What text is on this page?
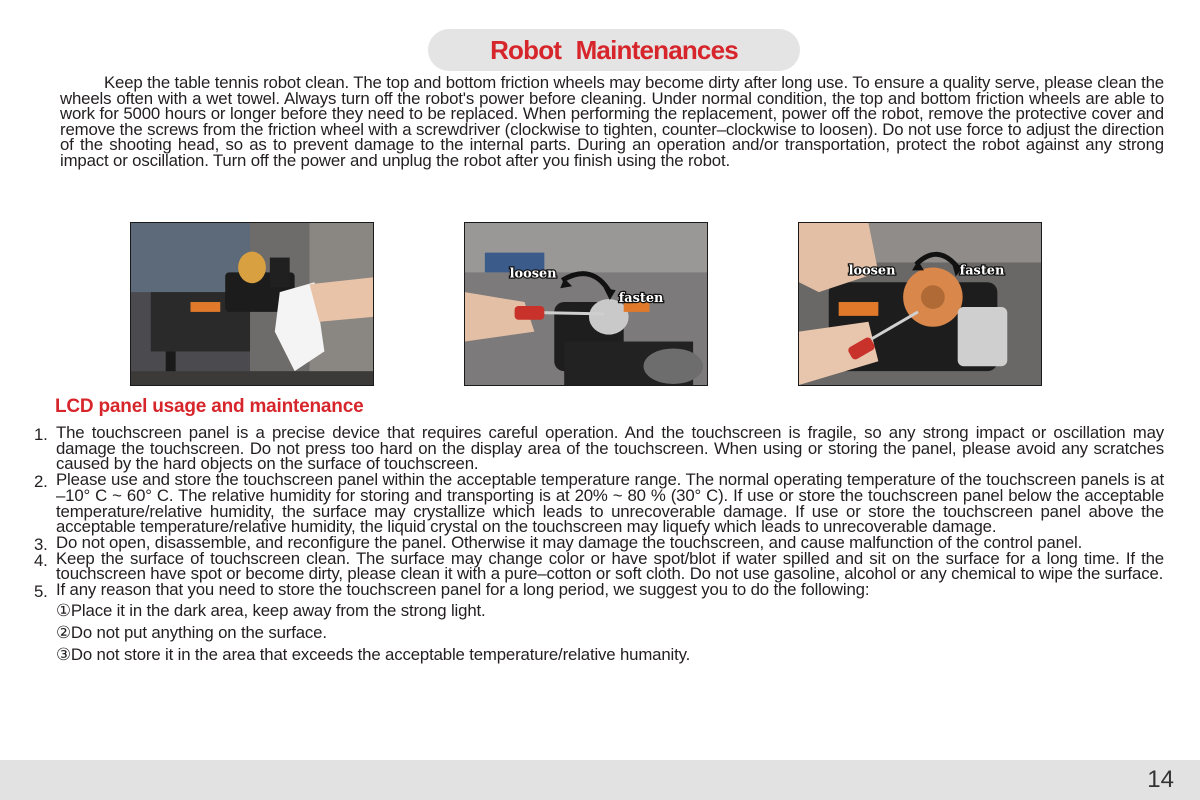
Robot Maintenances

Keep the table tennis robot clean. The top and bottom friction wheels may become dirty after long use. To ensure a quality serve, please clean the wheels often with a wet towel. Always turn off the robot's power before cleaning. Under normal condition, the top and bottom friction wheels are able to work for 5000 hours or longer before they need to be replaced. When performing the replacement, power off the robot, remove the protective cover and remove the screws from the friction wheel with a screwdriver (clockwise to tighten, counter–clockwise to loosen). Do not use force to adjust the direction of the shooting head, so as to prevent damage to the internal parts. During an operation and/or transportation, protect the robot against any strong impact or oscillation. Turn off the power and unplug the robot after you finish using the robot.

loosen
fasten
loosen	fasten
LCD panel usage and maintenance
1. The touchscreen panel is a precise device that requires careful operation. And the touchscreen is fragile, so any strong impact or oscillation may damage the touchscreen. Do not press too hard on the display area of the touchscreen. When using or storing the panel, please avoid any scratches caused by the hard objects on the surface of touchscreen.
2. Please use and store the touchscreen panel within the acceptable temperature range. The normal operating temperature of the touchscreen panels is at –10° C ~ 60° C. The relative humidity for storing and transporting is at 20% ~ 80 % (30° C). If use or store the touchscreen panel below the acceptable temperature/relative humidity, the surface may crystallize which leads to unrecoverable damage. If use or store the touchscreen panel above the acceptable temperature/relative humidity, the liquid crystal on the touchscreen may liquefy which leads to unrecoverable damage.
3. Do not open, disassemble, and reconfigure the panel. Otherwise it may damage the touchscreen, and cause malfunction of the control panel.
4. Keep the surface of touchscreen clean. The surface may change color or have spot/blot if water spilled and sit on the surface for a long time. If the touchscreen have spot or become dirty, please clean it with a pure–cotton or soft cloth. Do not use gasoline, alcohol or any chemical to wipe the surface.
5. If any reason that you need to store the touchscreen panel for a long period, we suggest you to do the following:
①Place it in the dark area, keep away from the strong light.
②Do not put anything on the surface.
③Do not store it in the area that exceeds the acceptable temperature/relative humanity.
14
